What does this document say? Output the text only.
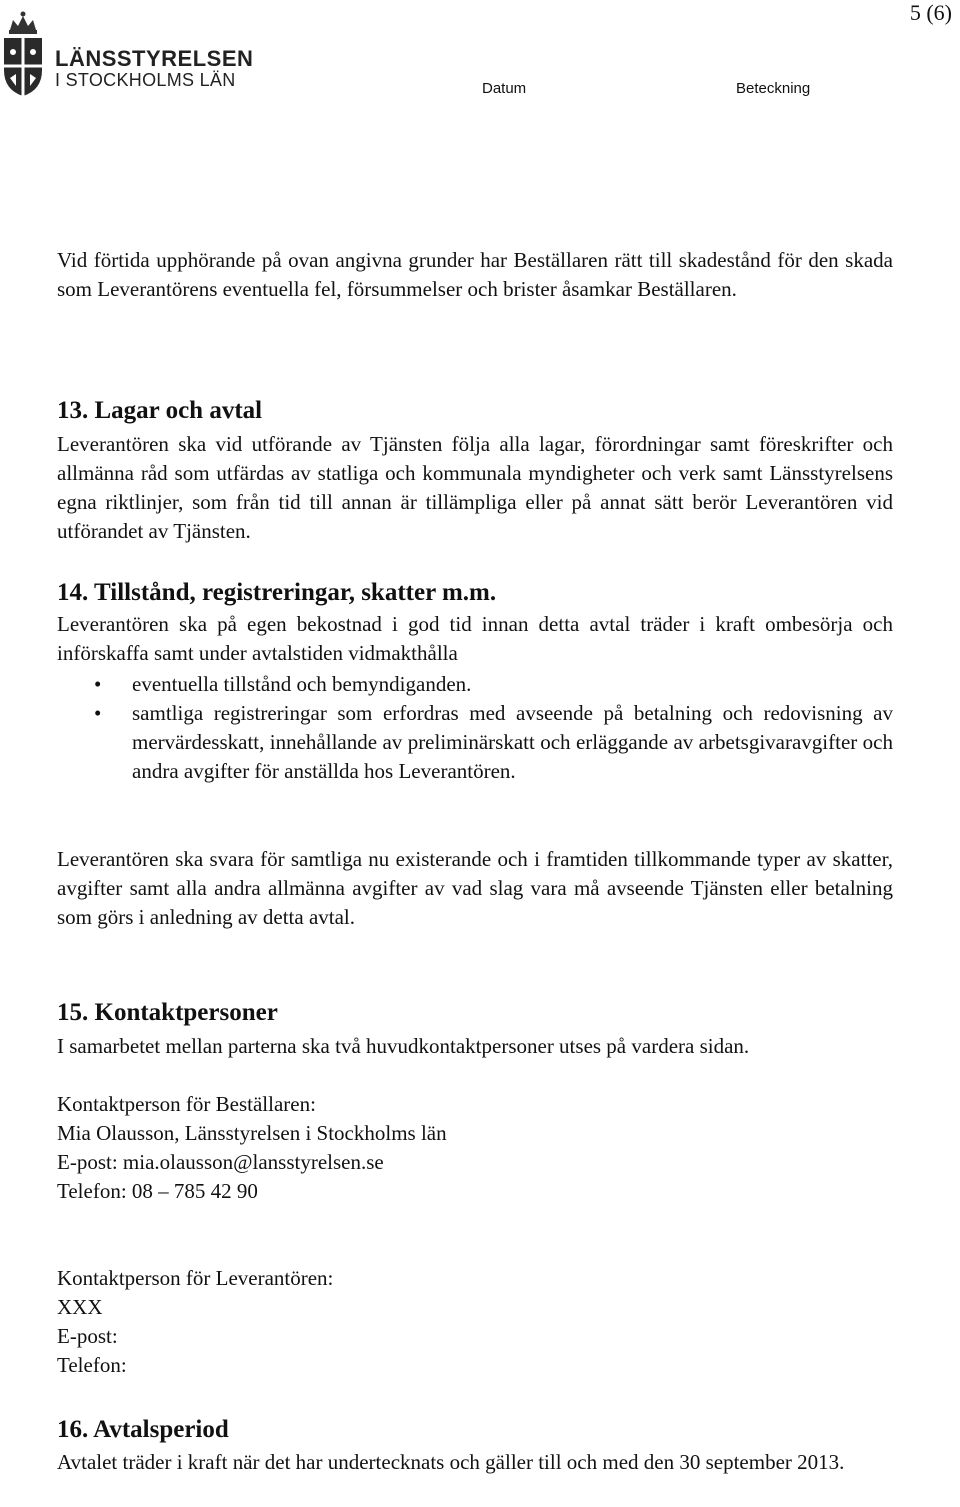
5 (6)
LÄNSSTYRELSEN
I STOCKHOLMS LÄN	Datum	Beteckning
Vid förtida upphörande på ovan angivna grunder har Beställaren rätt till skadestånd för den skada som Leverantörens eventuella fel, försummelser och brister åsamkar Beställaren.
13. Lagar och avtal
Leverantören ska vid utförande av Tjänsten följa alla lagar, förordningar samt föreskrifter och allmänna råd som utfärdas av statliga och kommunala myndigheter och verk samt Länsstyrelsens egna riktlinjer, som från tid till annan är tillämpliga eller på annat sätt berör Leverantören vid utförandet av Tjänsten.
14. Tillstånd, registreringar, skatter m.m.
Leverantören ska på egen bekostnad i god tid innan detta avtal träder i kraft ombesörja och införskaffa samt under avtalstiden vidmakthålla
• eventuella tillstånd och bemyndiganden.
• samtliga registreringar som erfordras med avseende på betalning och redovisning av mervärdesskatt, innehållande av preliminärskatt och erläggande av arbetsgivaravgifter och andra avgifter för anställda hos Leverantören.
Leverantören ska svara för samtliga nu existerande och i framtiden tillkommande typer av skatter, avgifter samt alla andra allmänna avgifter av vad slag vara må avseende Tjänsten eller betalning som görs i anledning av detta avtal.
15. Kontaktpersoner
I samarbetet mellan parterna ska två huvudkontaktpersoner utses på vardera sidan.
Kontaktperson för Beställaren:
Mia Olausson, Länsstyrelsen i Stockholms län
E-post: mia.olausson@lansstyrelsen.se
Telefon: 08 – 785 42 90
Kontaktperson för Leverantören:
XXX
E-post:
Telefon:
16. Avtalsperiod
Avtalet träder i kraft när det har undertecknats och gäller till och med den 30 september 2013.
